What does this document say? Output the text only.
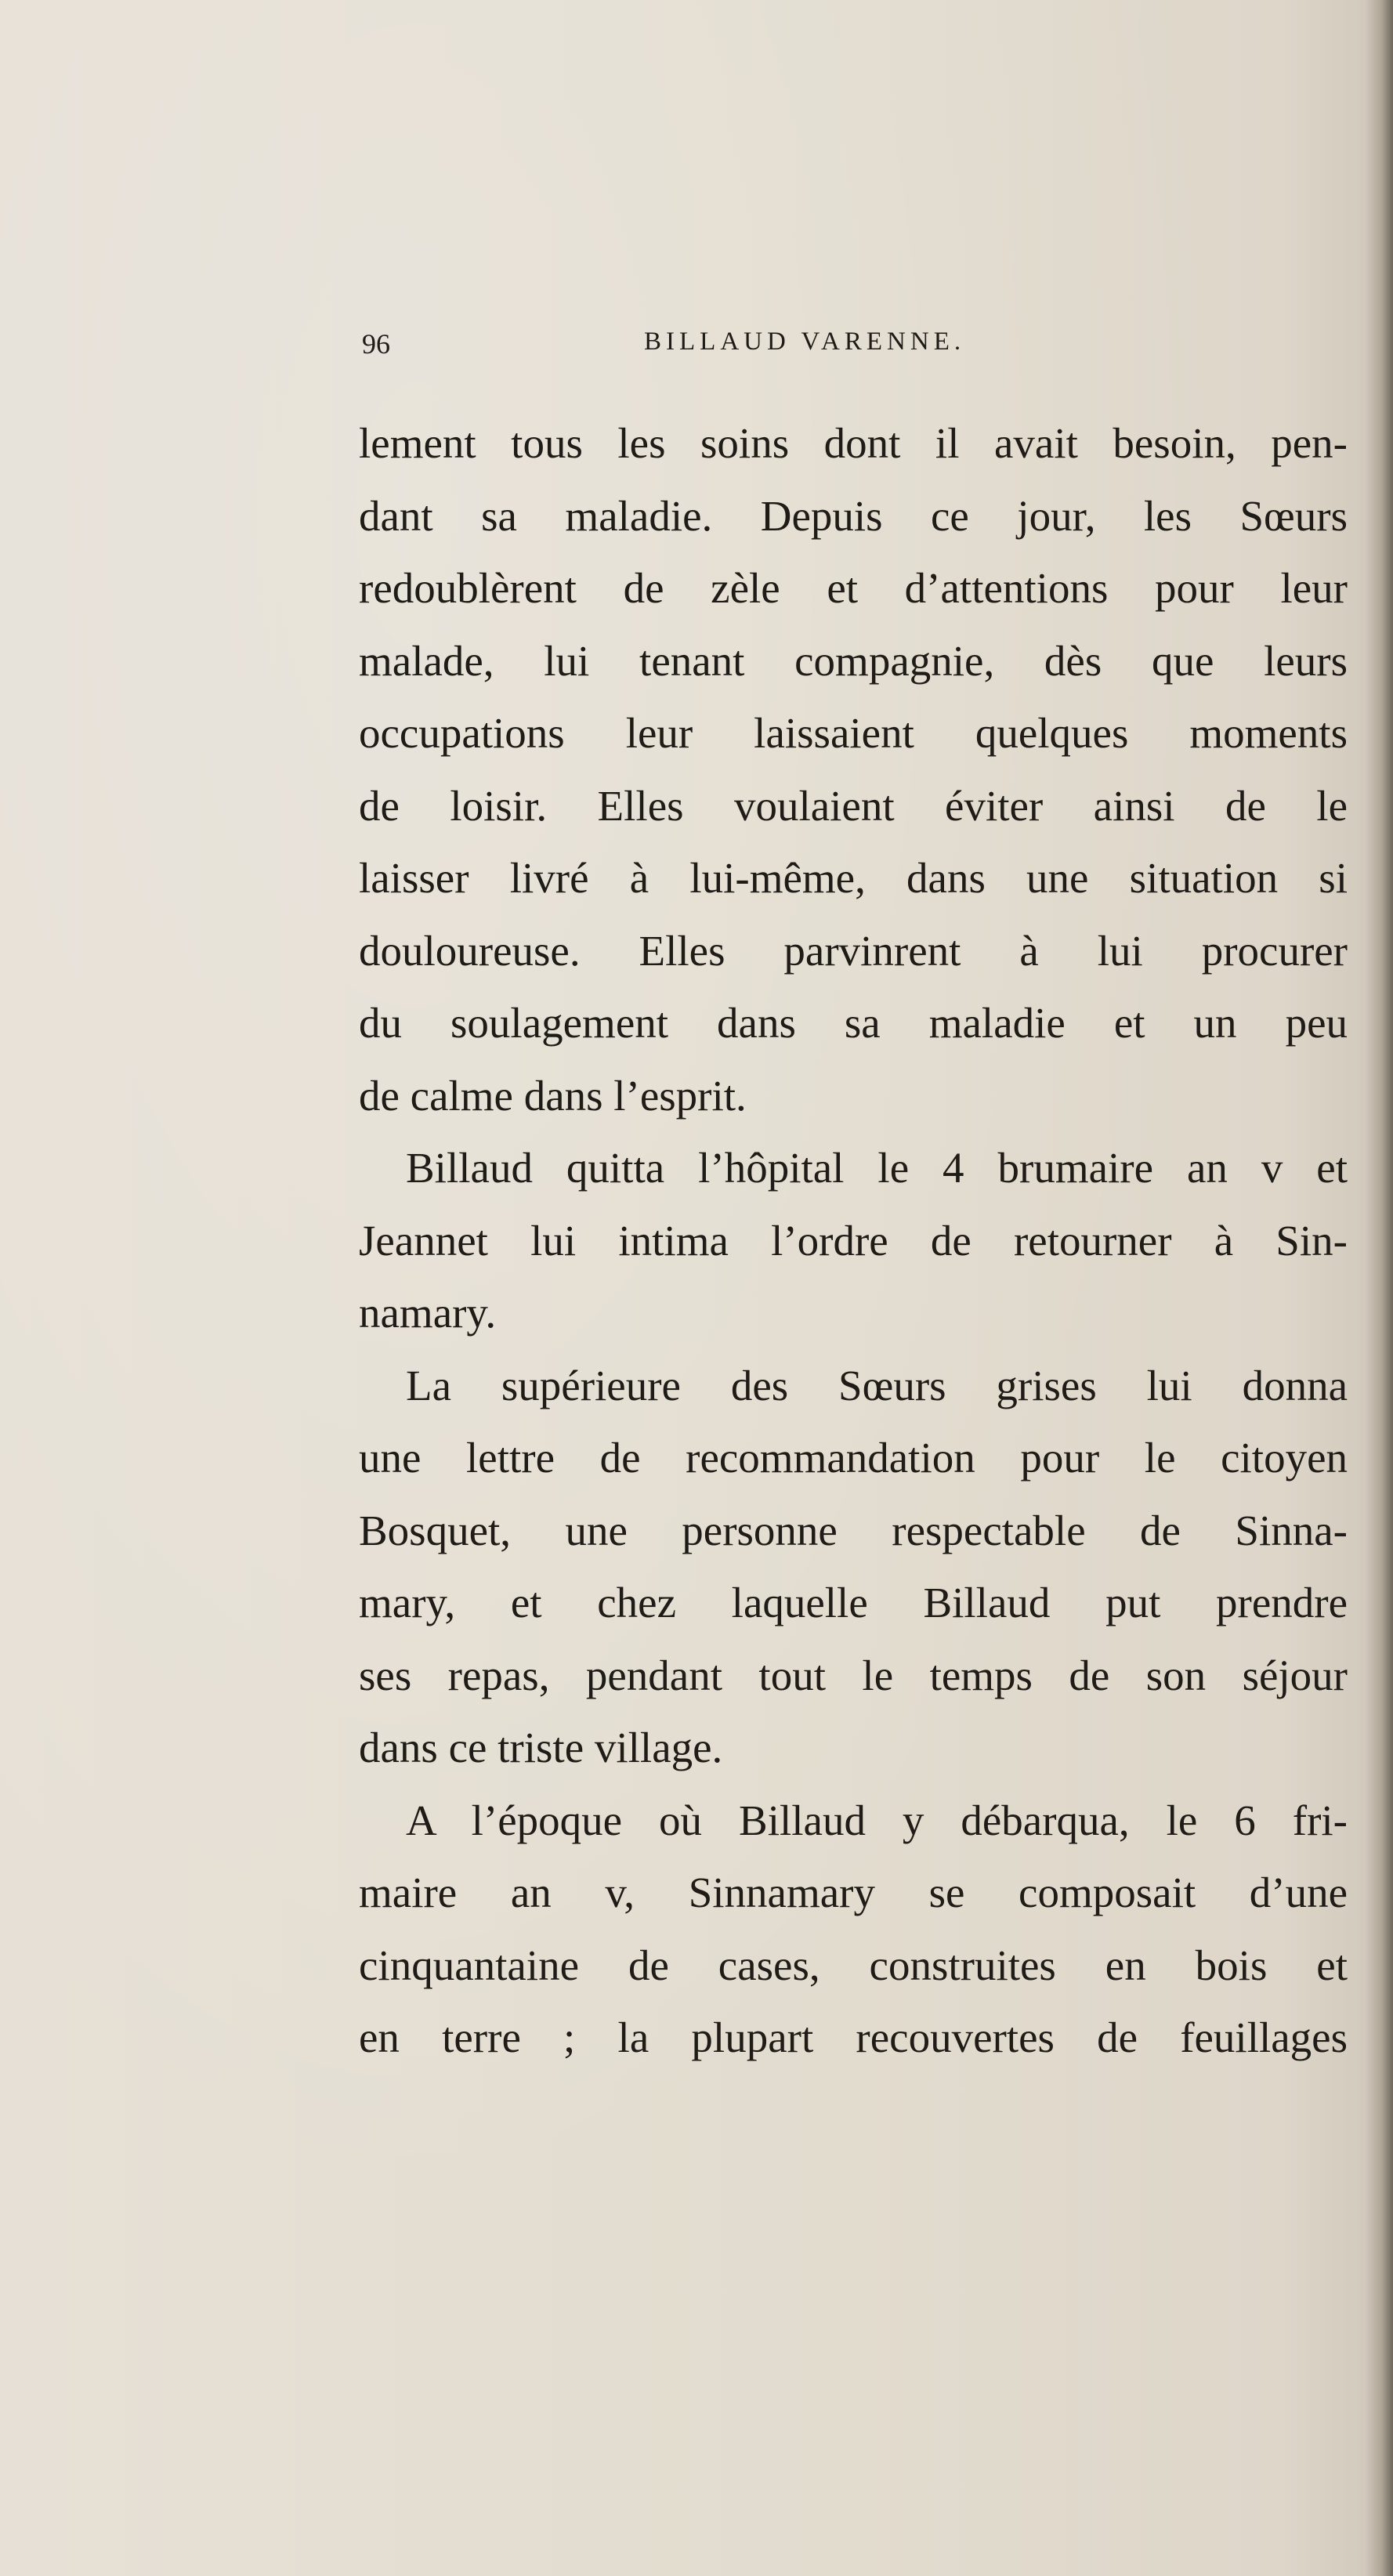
96	BILLAUD VARENNE.
lement tous les soins dont il avait besoin, pen-
dant sa maladie. Depuis ce jour, les Sœurs
redoublèrent de zèle et d’attentions pour leur
malade, lui tenant compagnie, dès que leurs
occupations leur laissaient quelques moments
de loisir. Elles voulaient éviter ainsi de le
laisser livré à lui-même, dans une situation si
douloureuse. Elles parvinrent à lui procurer
du soulagement dans sa maladie et un peu
de calme dans l’esprit.
Billaud quitta l’hôpital le 4 brumaire an v et
Jeannet lui intima l’ordre de retourner à Sin-
namary.
La supérieure des Sœurs grises lui donna
une lettre de recommandation pour le citoyen
Bosquet, une personne respectable de Sinna-
mary, et chez laquelle Billaud put prendre
ses repas, pendant tout le temps de son séjour
dans ce triste village.
A l’époque où Billaud y débarqua, le 6 fri-
maire an v, Sinnamary se composait d’une
cinquantaine de cases, construites en bois et
en terre ; la plupart recouvertes de feuillages
